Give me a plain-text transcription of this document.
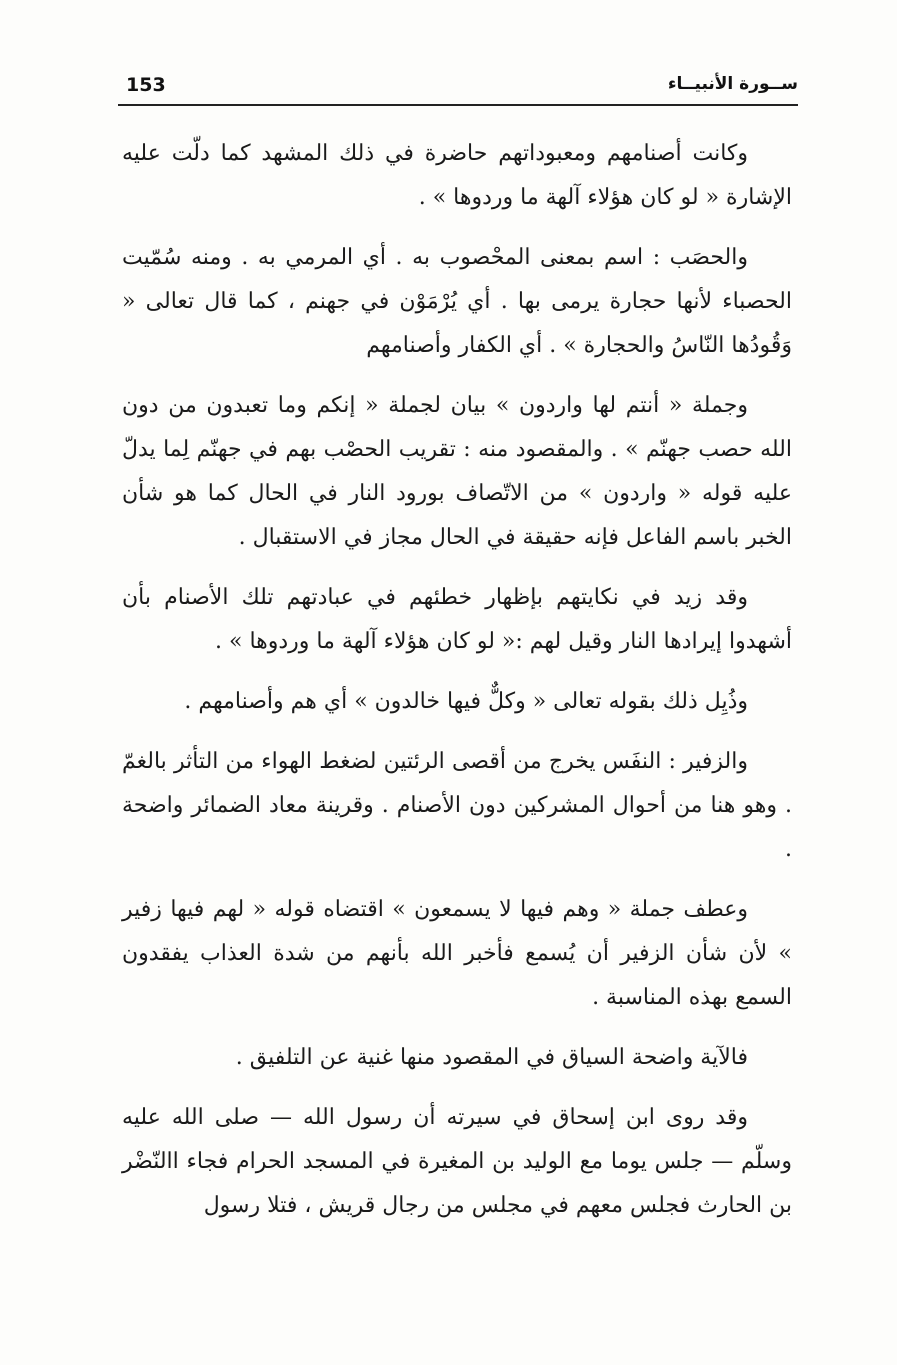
153	ســورة الأنبيــاء

وكانت أصنامهم ومعبوداتهم حاضرة في ذلك المشهد كما دلّت عليه الإشارة « لو كان هؤلاء آلهة ما وردوها » .

والحصَب : اسم بمعنى المحْصوب به . أي المرمي به . ومنه سُمّيت الحصباء لأنها حجارة يرمى بها . أي يُرْمَوْن في جهنم ، كما قال تعالى « وَقُودُها النّاسُ والحجارة » . أي الكفار وأصنامهم

وجملة « أنتم لها واردون » بيان لجملة « إنكم وما تعبدون من دون الله حصب جهنّم » . والمقصود منه : تقريب الحصْب بهم في جهنّم لِما يدلّ عليه قوله « واردون » من الاتّصاف بورود النار في الحال كما هو شأن الخبر باسم الفاعل فإنه حقيقة في الحال مجاز في الاستقبال .

وقد زيد في نكايتهم بإظهار خطئهم في عبادتهم تلك الأصنام بأن أشهدوا إيرادها النار وقيل لهم :« لو كان هؤلاء آلهة ما وردوها » .

وذُيِل ذلك بقوله تعالى « وكلٌّ فيها خالدون » أي هم وأصنامهم .

والزفير : النفَس يخرج من أقصى الرئتين لضغط الهواء من التأثر بالغمّ . وهو هنا من أحوال المشركين دون الأصنام . وقرينة معاد الضمائر واضحة .

وعطف جملة « وهم فيها لا يسمعون » اقتضاه قوله « لهم فيها زفير » لأن شأن الزفير أن يُسمع فأخبر الله بأنهم من شدة العذاب يفقدون السمع بهذه المناسبة .

فالآية واضحة السياق في المقصود منها غنية عن التلفيق .

وقد روى ابن إسحاق في سيرته أن رسول الله — صلى الله عليه وسلّم — جلس يوما مع الوليد بن المغيرة في المسجد الحرام فجاء االنّضْر بن الحارث فجلس معهم في مجلس من رجال قريش ، فتلا رسول
